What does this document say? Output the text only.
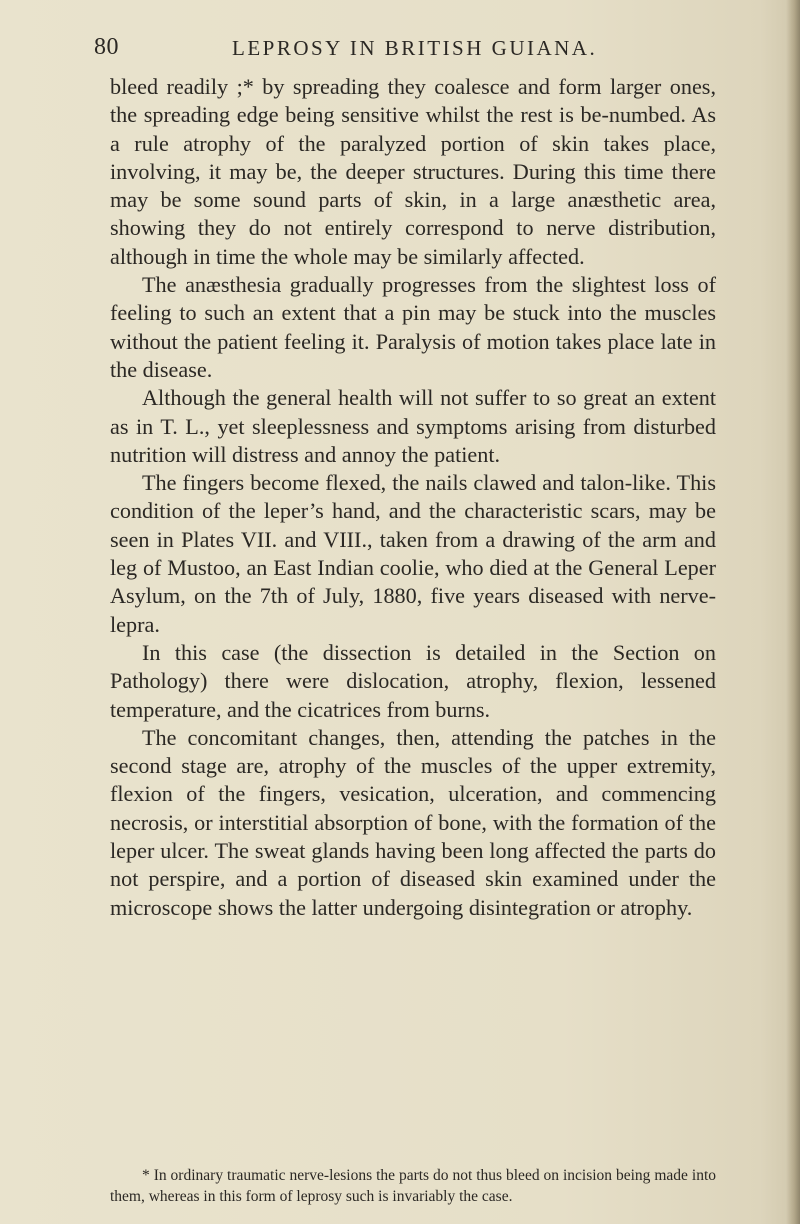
80	LEPROSY IN BRITISH GUIANA.

bleed readily ;* by spreading they coalesce and form larger ones, the spreading edge being sensitive whilst the rest is be-numbed. As a rule atrophy of the paralyzed portion of skin takes place, involving, it may be, the deeper structures. During this time there may be some sound parts of skin, in a large anæsthetic area, showing they do not entirely correspond to nerve distribution, although in time the whole may be similarly affected.

The anæsthesia gradually progresses from the slightest loss of feeling to such an extent that a pin may be stuck into the muscles without the patient feeling it. Paralysis of motion takes place late in the disease.

Although the general health will not suffer to so great an extent as in T. L., yet sleeplessness and symptoms arising from disturbed nutrition will distress and annoy the patient.

The fingers become flexed, the nails clawed and talon-like. This condition of the leper’s hand, and the characteristic scars, may be seen in Plates VII. and VIII., taken from a drawing of the arm and leg of Mustoo, an East Indian coolie, who died at the General Leper Asylum, on the 7th of July, 1880, five years diseased with nerve-lepra.

In this case (the dissection is detailed in the Section on Pathology) there were dislocation, atrophy, flexion, lessened temperature, and the cicatrices from burns.

The concomitant changes, then, attending the patches in the second stage are, atrophy of the muscles of the upper extremity, flexion of the fingers, vesication, ulceration, and commencing necrosis, or interstitial absorption of bone, with the formation of the leper ulcer. The sweat glands having been long affected the parts do not perspire, and a portion of diseased skin examined under the microscope shows the latter undergoing disintegration or atrophy.

* In ordinary traumatic nerve-lesions the parts do not thus bleed on incision being made into them, whereas in this form of leprosy such is invariably the case.
